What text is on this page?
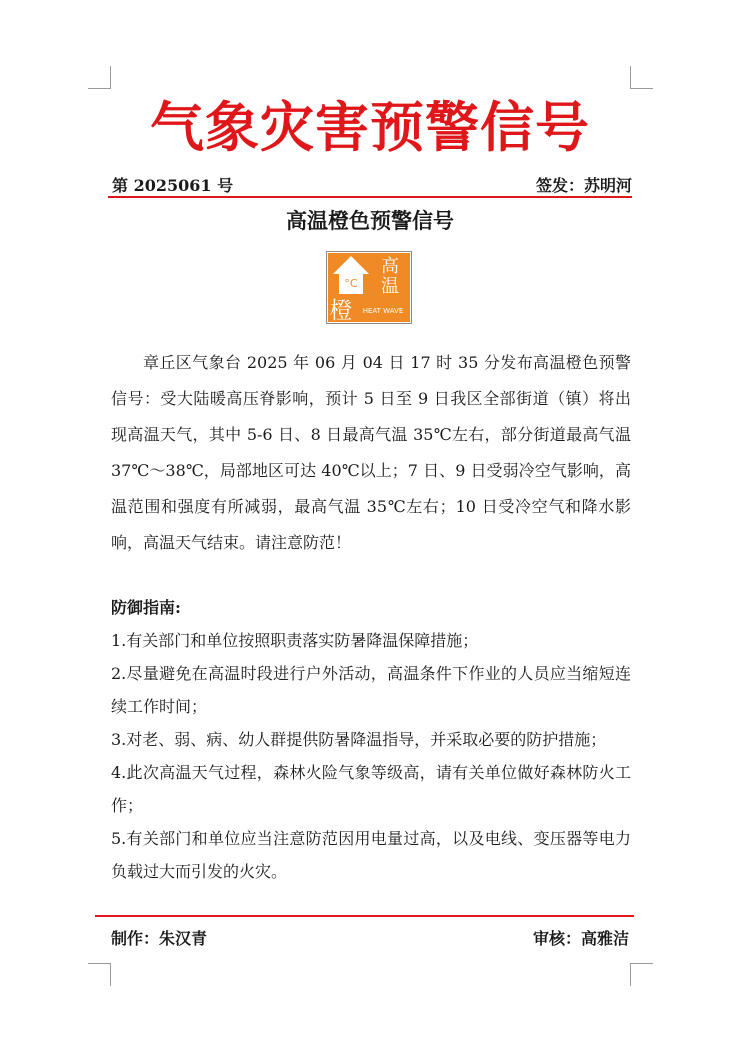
气象灾害预警信号
第 2025061 号	签发：苏明河
高温橙色预警信号
°C
高
温
橙 HEAT WAVE

章丘区气象台 2025 年 06 月 04 日 17 时 35 分发布高温橙色预警信号：受大陆暖高压脊影响，预计 5 日至 9 日我区全部街道（镇）将出现高温天气，其中 5-6 日、8 日最高气温 35℃左右，部分街道最高气温 37℃～38℃，局部地区可达 40℃以上；7 日、9 日受弱冷空气影响，高温范围和强度有所减弱，最高气温 35℃左右；10 日受冷空气和降水影响，高温天气结束。请注意防范！

防御指南:
1.有关部门和单位按照职责落实防暑降温保障措施；
2.尽量避免在高温时段进行户外活动，高温条件下作业的人员应当缩短连续工作时间；
3.对老、弱、病、幼人群提供防暑降温指导，并采取必要的防护措施；
4.此次高温天气过程，森林火险气象等级高，请有关单位做好森林防火工作；
5.有关部门和单位应当注意防范因用电量过高，以及电线、变压器等电力负载过大而引发的火灾。
制作：朱汉青	审核：高雅洁
